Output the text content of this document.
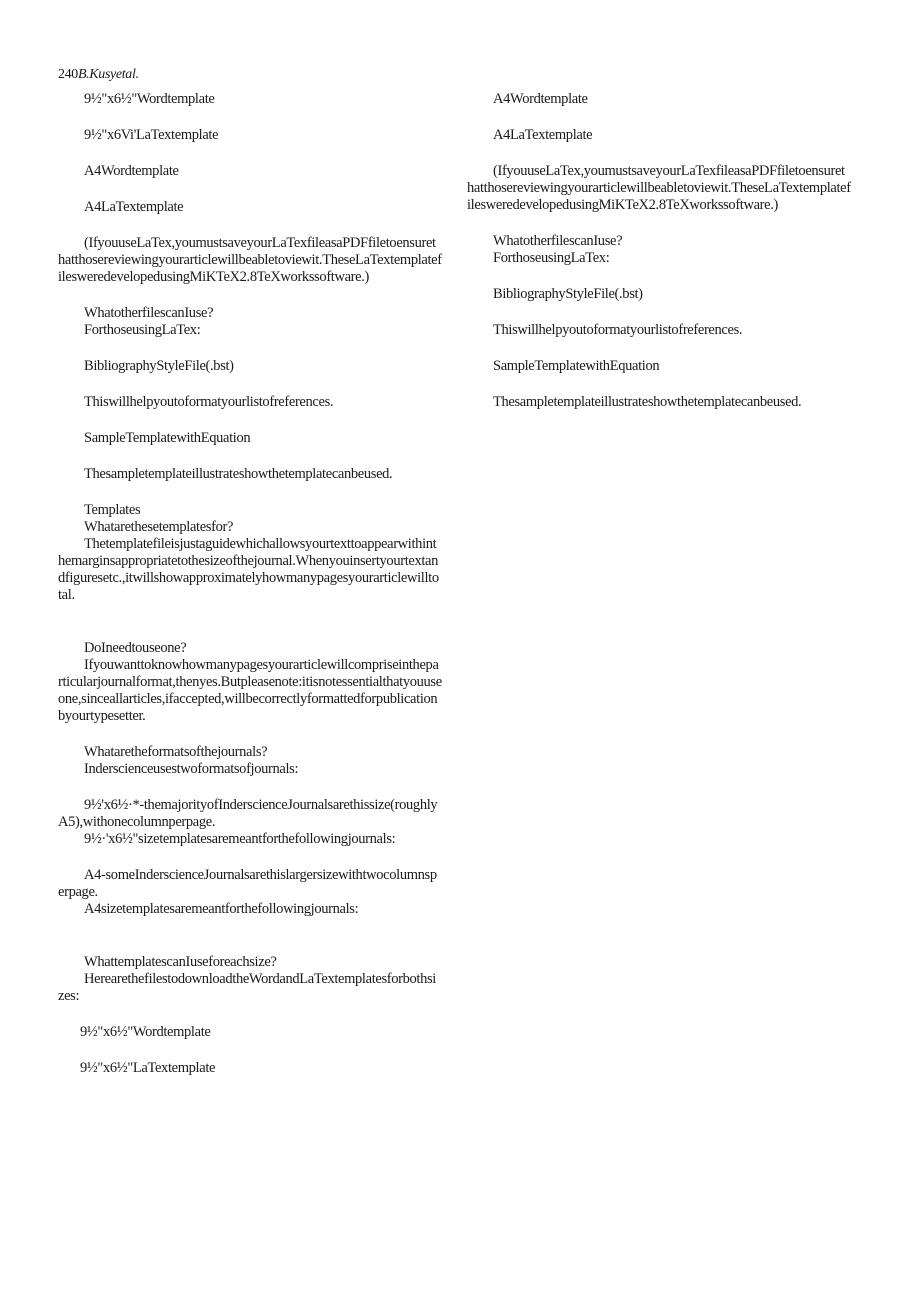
240B.Kusyetal.

9½"x6½"Wordtemplate

9½"x6Vi'LaTextemplate

A4Wordtemplate

A4LaTextemplate

(IfyouuseLaTex,youmustsaveyourLaTexfileasaPDFfiletoensurethatthosereviewingyourarticlewillbeabletoviewit.TheseLaTextemplatefilesweredevelopedusingMiKTeX2.8TeXworkssoftware.)

WhatotherfilescanIuse?

ForthoseusingLaTex:

BibliographyStyleFile(.bst)

Thiswillhelpyoutoformatyourlistofreferences.

SampleTemplatewithEquation

Thesampletemplateillustrateshowthetemplatecanbeused.

Templates

Whatarethesetemplatesfor?

Thetemplatefileisjustaguidewhichallowsyourtexttoappearwithinthemarginsappropriatetothesizeofthejournal.Whenyouinsertyourtextandfiguresetc.,itwillshowapproximatelyhowmanypagesyourarticlewilltotal.

DoIneedtouseone?

Ifyouwanttoknowhowmanypagesyourarticlewillcompriseintheparticularjournalformat,thenyes.Butpleasenote:itisnotessentialthatyouuseone,sinceallarticles,ifaccepted,willbecorrectlyformattedforpublicationbyourtypesetter.

Whataretheformatsofthejournals?

Inderscienceusestwoformatsofjournals:

9½'x6½·*-themajorityofInderscienceJournalsarethissize(roughlyA5),withonecolumnperpage.

9½·'x6½"sizetemplatesaremeantforthefollowingjournals:

A4-someInderscienceJournalsarethislargersizewithtwocolumnsperpage.

A4sizetemplatesaremeantforthefollowingjournals:

WhattemplatescanIuseforeachsize?

HerearethefilestodownloadtheWordandLaTextemplatesforbothsizes:

9½"x6½"Wordtemplate

9½"x6½"LaTextemplate

A4Wordtemplate

A4LaTextemplate

(IfyouuseLaTex,youmustsaveyourLaTexfileasaPDFfiletoensurethatthosereviewingyourarticlewillbeabletoviewit.TheseLaTextemplatefilesweredevelopedusingMiKTeX2.8TeXworkssoftware.)

WhatotherfilescanIuse?

ForthoseusingLaTex:

BibliographyStyleFile(.bst)

Thiswillhelpyoutoformatyourlistofreferences.

SampleTemplatewithEquation

Thesampletemplateillustrateshowthetemplatecanbeused.
